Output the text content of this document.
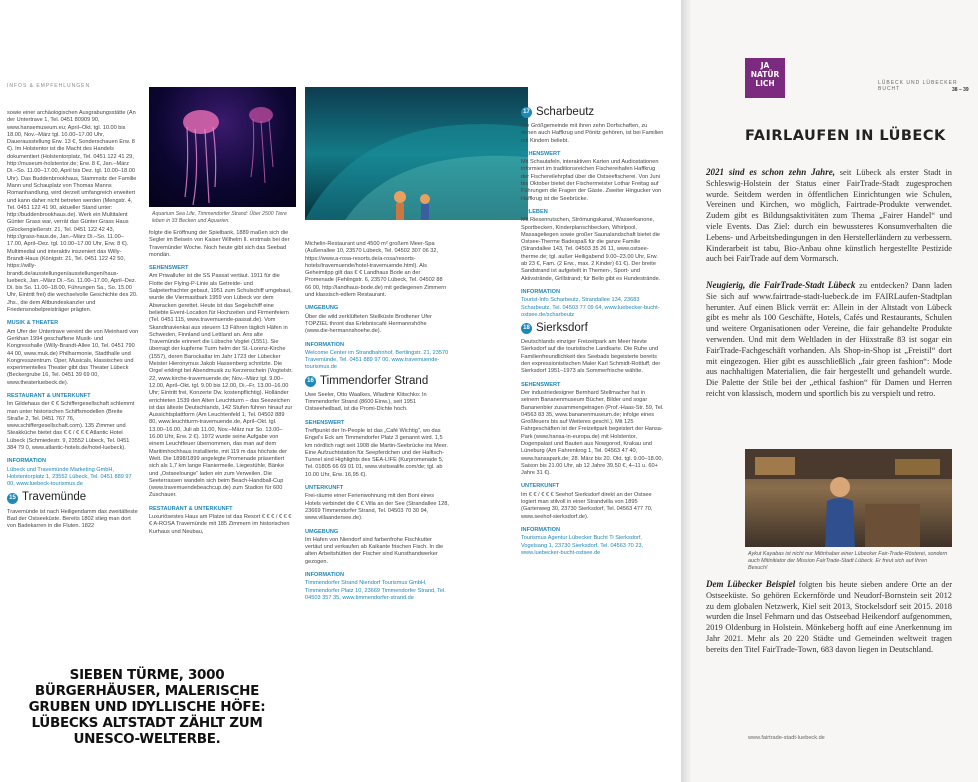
INFOS & EMPFEHLUNGEN

sowie einer archäologischen Ausgrabungsstätte (An der Untertrave 1, Tel. 0451 80909 90, www.hansemuseum.eu; April–Okt. tgl. 10.00 bis 18.00, Nov.–März tgl. 10.00–17.00 Uhr, Dauerausstellung Erw. 13 €, Sonderschauen Erw. 8 €). Im Holstentor ist die Macht des Handels dokumentiert (Holstentorplatz, Tel. 0451 122 41 29, http://museum-holstentor.de; Erw. 8 €, Jan.–März Di.–So. 11.00–17.00, April bis Dez. tgl. 10.00–18.00 Uhr). Das Buddenbrookhaus, Stammsitz der Familie Mann und Schauplatz von Thomas Manns Romanhandlung, wird derzeit umfangreich erweitert und kann daher nicht betreten werden (Mengstr. 4, Tel. 0451 122 41 90, aktueller Stand unter: http://buddenbrookhaus.de). Werk ein Multitalent Günter Grass war, verrät das Günter Grass Haus (Glockengießerstr. 21, Tel. 0451 122 42 43, http://grass-haus.de, Jan.–März Di.–So. 11.00–17.00, April–Dez. tgl. 10.00–17.00 Uhr, Erw. 8 €). Multimedial und interaktiv inszeniert das Willy-Brandt-Haus (Königstr. 21, Tel. 0451 122 42 50, https://willy-brandt.de/ausstellungen/ausstellungen/haus-luebeck, Jan.–März Di.–So. 11.00–17.00, April–Dez. Di. bis So. 11.00–18.00, Führungen Sa., So. 15.00 Uhr, Eintritt frei) die wechselvolle Geschichte des 20. Jhs., die dem Altbundeskanzler und Friedensnobelpreisträger prägten.

MUSIK & THEATER

Am Ufer der Untertrave vereint die von Meinhard von Gerkhan 1994 geschaffene Musik- und Kongresshalle (Willy-Brandt-Allee 10, Tel. 0451 790 44 00, www.muk.de) Philharmonie, Stadthalle und Kongresszentrum. Oper, Musicals, klassisches und experimentelles Theater gibt das Theater Lübeck (Beckergrube 16, Tel. 0451 39 69 00, www.theaterluebeck.de).

RESTAURANT & UNTERKUNFT

Im Gildehaus der € € Schiffergesellschaft schlemmt man unter historischen Schiffsmodellen (Breite Straße 2, Tel. 0451 767 76, www.schiffergesellschaft.com). 135 Zimmer und Steakküche bietet das € € / € € € Atlantic Hotel Lübeck (Schmiedestr. 9, 23552 Lübeck, Tel. 0451 384 79 0, www.atlantic-hotels.de/hotel-luebeck).

INFORMATION

Lübeck und Travemünde Marketing GmbH, Holstentorplatz 1, 23552 Lübeck, Tel. 0451 889 97 00, www.luebeck-tourismus.de

15 Travemünde

Travemünde ist nach Heiligendamm das zweitälteste Bad der Ostseeküste. Bereits 1802 stieg man dort von Badekarren in die Fluten. 1822

Aquarium Sea Life, Timmendorfer Strand: Über 2500 Tiere leben in 33 Becken und Aquarien.

folgte die Eröffnung der Spielbank, 1889 maßen sich die Segler im Beisein von Kaiser Wilhelm II. erstmals bei der Travemünder Woche. Noch heute gibt sich das Seebad mondän.

SEHENSWERT

Am Priwallufer ist die SS Passat vertäut. 1911 für die Flotte der Flying-P-Linie als Getreide- und Salpeterfrachter gebaut, 1951 zum Schulschiff umgebaut, wurde die Viermastbark 1959 von Lübeck vor dem Abwracken gerettet. Heute ist das Segelschiff eine beliebte Event-Location für Hochzeiten und Firmenfeiern (Tel. 0451 115, www.travemuende-passat.de). Vom Skandinavienkai aus steuern 13 Fähren täglich Häfen in Schweden, Finnland und Lettland an. Ans alte Travemünde erinnert die Lübsche Vogtei (1551). Sie überragt der kupferne Turm helm der St.-Lorenz-Kirche (1557), deren Barockaltar im Jahr 1723 der Lübecker Meister Hieronymus Jakob Hassenberg schnitzte. Die Orgel erklingt bei Abendmusik zu Kerzenschein (Vogtelstr. 22, www.kirche-travemuende.de; Nov.–März tgl. 9.00–12.00, April–Okt. tgl. 9.00 bis 12.00, Di.–Fr. 13.00–16.00 Uhr; Eintritt frei, Konzerte Dw. kostenpflichtig). Holländer errichteten 1539 den Alten Leuchtturm – das Seezeichen ist das älteste Deutschlands, 142 Stufen führen hinauf zur Aussichtsplattform (Am Leuchtenfeld 1, Tel. 04502 889 80, www.leuchtturm-travemuende.de, April–Okt. tgl. 13.00–16.00, Juli ab 11.00, Nov.–März nur So. 13.00–16.00 Uhr, Erw. 2 €). 1972 wurde seine Aufgabe von einem Leuchtfeuer übernommen, das man auf dem Maritimhochhaus installierte, mit 119 m das höchste der Welt. Die 1898/1899 angelegte Promenade präsentiert sich als 1,7 km lange Flaniermeile. Liegestühle, Bänke und „Ostseelounge“ laden ein zum Verweilen. Die Seeterrassen wandeln sich beim Beach-Handball-Cup (www.travemuendebeachcup.de) zum Stadion für 600 Zuschauer.

RESTAURANT & UNTERKUNFT

Luxuriösestes Haus am Platze ist das Resort € € € / € € € € A-ROSA Travemünde mit 185 Zimmern im historischen Kurhaus und Neubau,

Michelin-Restaurant und 4500 m² großem Meer-Spa (Außenallee 10, 23570 Lübeck, Tel. 04502 307 06 32, https://www.a-rosa-resorts.de/a-rosa/resorts-hotels/travemuende/hotel-travemuende.html). Als Geheimtipp gilt das € € Landhaus Bode an der Promenade (Fehlingstr. 6, 23570 Lübeck, Tel. 04502 88 66 00, http://landhaus-bode.de) mit gediegenen Zimmern und klassisch-edlem Restaurant.

UMGEBUNG

Über die wild zerklüfteten Steilküste Brodtener Ufer TOPZIEL thront das Erlebniscafé Hermannshöhe (www.die-hermannshoehe.de).

INFORMATION

Welcome Center im Strandbahnhof, Bertlingstr. 21, 23570 Travemünde, Tel. 0451 889 97 00, www.travemuende-tourismus.de

16 Timmendorfer Strand

Uwe Seeler, Otto Waalkes, Wladimir Klitschko: In Timmendorfer Strand (8600 Einw.), seit 1951 Ostseeheilbad, ist die Promi-Dichte hoch.

SEHENSWERT

Treffpunkt der In-People ist das „Café Wichtig“, wo das Engel's Eck am Timmendorfer Platz 3 genannt wird. 1,5 km nördlich ragt seit 1908 die Martin-Seebrücke ins Meer. Eine Aufzuchtstation für Seepferdchen und der Haifisch-Tunnel sind Highlights des SEA-LIFE (Kurpromenade 5, Tel. 01805 66 69 01 01, www.visitsealife.com/de; tgl. ab 10.00 Uhr, Erw. 16,95 €).

UNTERKUNFT

Frei-räume einer Ferienwohnung mit den Boni eines Hotels verbindet die € € Villa an der See (Strandallee 128, 23669 Timmendorfer Strand, Tel. 04503 70 30 94, www.villaandersee.de).

UMGEBUNG

Im Hafen von Niendorf sind farbenfrohe Fischkutter vertäut und verkaufen ab Kaikante frischen Fisch. In die alten Arbeitshütten der Fischer sind Kunsthandwerker gezogen.

INFORMATION

Timmendorfer Strand Niendorf Tourismus GmbH, Timmendorfer Platz 10, 23669 Timmendorfer Strand, Tel. 04503 357 35, www.timmendorfer-strand.de

17 Scharbeutz

Die Größgemeinde mit ihren zehn Dorfschaften, zu denen auch Haffkrug und Pönitz gehören, ist bei Familien mit Kindern beliebt.

SEHENSWERT

Mit Schautafeln, interaktiven Karten und Audiostationen informiert im traditionsreichen Fischereihafen Haffkrug der Fischereilehrpfad über die Ostseefischerei. Von Juni bis Oktober bietet der Fischermeister Lothar Freitag auf Führungen die Fragen der Gäste. Zweiter Hingucker von Haffkrug ist die Seebrücke.

ERLEBEN

Mit Riesenrutschen, Strömungskanal, Wasserkanone, Sportbecken, Kinderplanschbecken, Whirlpool, Massageliegen sowie großer Saunalandschaft bietet die Ostsee-Therme Badespaß für die ganze Familie (Strandallee 143, Tel. 04503 35 26 11, www.ostsee-therme.de; tgl. außer Heiligabend 9.00–23.00 Uhr, Erw. ab 23 €, Fam. (2 Erw., max. 2 Kinder) 61 €). Der breite Sandstrand ist aufgeteilt in Themen-, Sport- und Aktivstrände, Grillstrand; für Bello gibt es Hundestrände.

INFORMATION

Tourist-Info Scharbeutz, Strandallee 134, 23683 Scharbeutz, Tel. 04503 77 09 64, www.luebecker-bucht-ostsee.de/scharbeutz

18 Sierksdorf

Deutschlands einziger Freizeitpark am Meer hievte Sierksdorf auf die touristische Landkarte. Die Ruhe und Familienfreundlichkeit des Seebads begeisterte bereits den expressionistischen Maler Karl Schmidt-Rottluff, der Sierksdorf 1951–1973 als Sommerfrische wählte.

SEHENSWERT

Der industriedesigner Bernhard Stellmacher hat in seinem Bananenmuseum Bücher, Bilder und sogar Bananenbier zusammengetragen (Prof.-Haas-Str. 59, Tel. 04563 83 35, www.bananenmuseum.de; infolge eines Großfeuers bis auf Weiteres geschl.). Mit 125 Fahrgeschäften ist der Freizeitpark begeistert der Hansa-Park (www.hansa-in-europa.de) mit Holstentor, Dogenpalast und Bauten aus Nowgorod, Krakau und Lüneburg (Am Fahrenkrog 1, Tel. 04563 47 40, www.hansapark.de; 28. März bis 20. Okt. tgl. 9.00–18.00, Saison bis 21.00 Uhr, ab 12 Jahre 39,50 €, 4–11 u. 60+ Jahre 31 €).

UNTERKUNFT

Im € € / € € € Seehof Sierksdorf direkt an der Ostsee logiert man stilvoll in einer Strandvilla von 1895 (Gartenweg 30, 23730 Sierksdorf, Tel. 04563 477 70, www.seehof-sierksdorf.de).

INFORMATION

Tourismus Agentur Lübecker Bucht Ti Sierksdorf, Vogelsang 1, 23730 Sierksdorf, Tel. 04563 70 23, www.luebecker-bucht-ostsee.de

SIEBEN TÜRME, 3000 BÜRGERHÄUSER, MALERISCHE GRUBEN UND IDYLLISCHE HÖFE: LÜBECKS ALTSTADT ZÄHLT ZUM UNESCO-WELTERBE.
JA
NATÜR
LICH	LÜBECK UND LÜBECKER BUCHT	38 – 39
FAIRLAUFEN IN LÜBECK
2021 sind es schon zehn Jahre, seit Lübeck als erster Stadt in Schleswig-Holstein der Status einer FairTrade-Stadt zugesprochen wurde. Seitdem werden in öffentlichen Einrichtungen wie Schulen, Vereinen und Kirchen, wo möglich, Fairtrade-Produkte verwendet. Zudem gibt es Bildungsaktivitäten zum Thema „Fairer Handel“ und viele Events. Das Ziel: durch ein bewussteres Konsumverhalten die Lebens- und Arbeitsbedingungen in den Herstellerländern zu verbessern. Kinderarbeit ist tabu, Bio-Anbau ohne künstlich hergestellte Pestizide auch bei FairTrade auf dem Vormarsch.
Neugierig, die FairTrade-Stadt Lübeck zu entdecken? Dann laden Sie sich auf www.fairtrade-stadt-luebeck.de im FAIRLaufen-Stadtplan herunter. Auf einen Blick verrät er: Allein in der Altstadt von Lübeck gibt es mehr als 100 Geschäfte, Hotels, Cafés und Restaurants, Schulen und weitere Organisationen oder Vereine, die fair gehandelte Produkte verwenden. Und mit dem Weltladen in der Hüxstraße 83 ist sogar ein FairTrade-Fachgeschäft vorhanden. Als Shop-in-Shop ist „Freistil“ dort mit eingezogen. Hier gibt es ausschließlich „fair green fashion“: Mode aus nachhaltigen Materialien, die fair hergestellt und gehandelt wurde. Die Palette der Stile bei der „ethical fashion“ für Damen und Herren reicht von klassisch, modern und sportlich bis zu verspielt und retro.
Aykut Kayabas ist nicht nur Mitinhaber einer Lübecker Fair-Trade-Rösterei, sondern auch Mitinitiator der Mission FairTrade-Stadt Lübeck. Er freut sich auf Ihren Besuch!
Dem Lübecker Beispiel folgten bis heute sieben andere Orte an der Ostseeküste. So gehören Eckernförde und Neudorf-Bornstein seit 2012 zu dem globalen Netzwerk, Kiel seit 2013, Stockelsdorf seit 2015. 2018 wurden die Insel Fehmarn und das Ostseebad Heikendorf aufgenommen, 2019 Oldenburg in Holstein. Mönkeberg hofft auf eine Anerkennung im Jahr 2021. Mehr als 20 220 Städte und Gemeinden weltweit tragen bereits den Titel FairTrade-Town, 683 davon liegen in Deutschland.
www.fairtrade-stadt-luebeck.de
